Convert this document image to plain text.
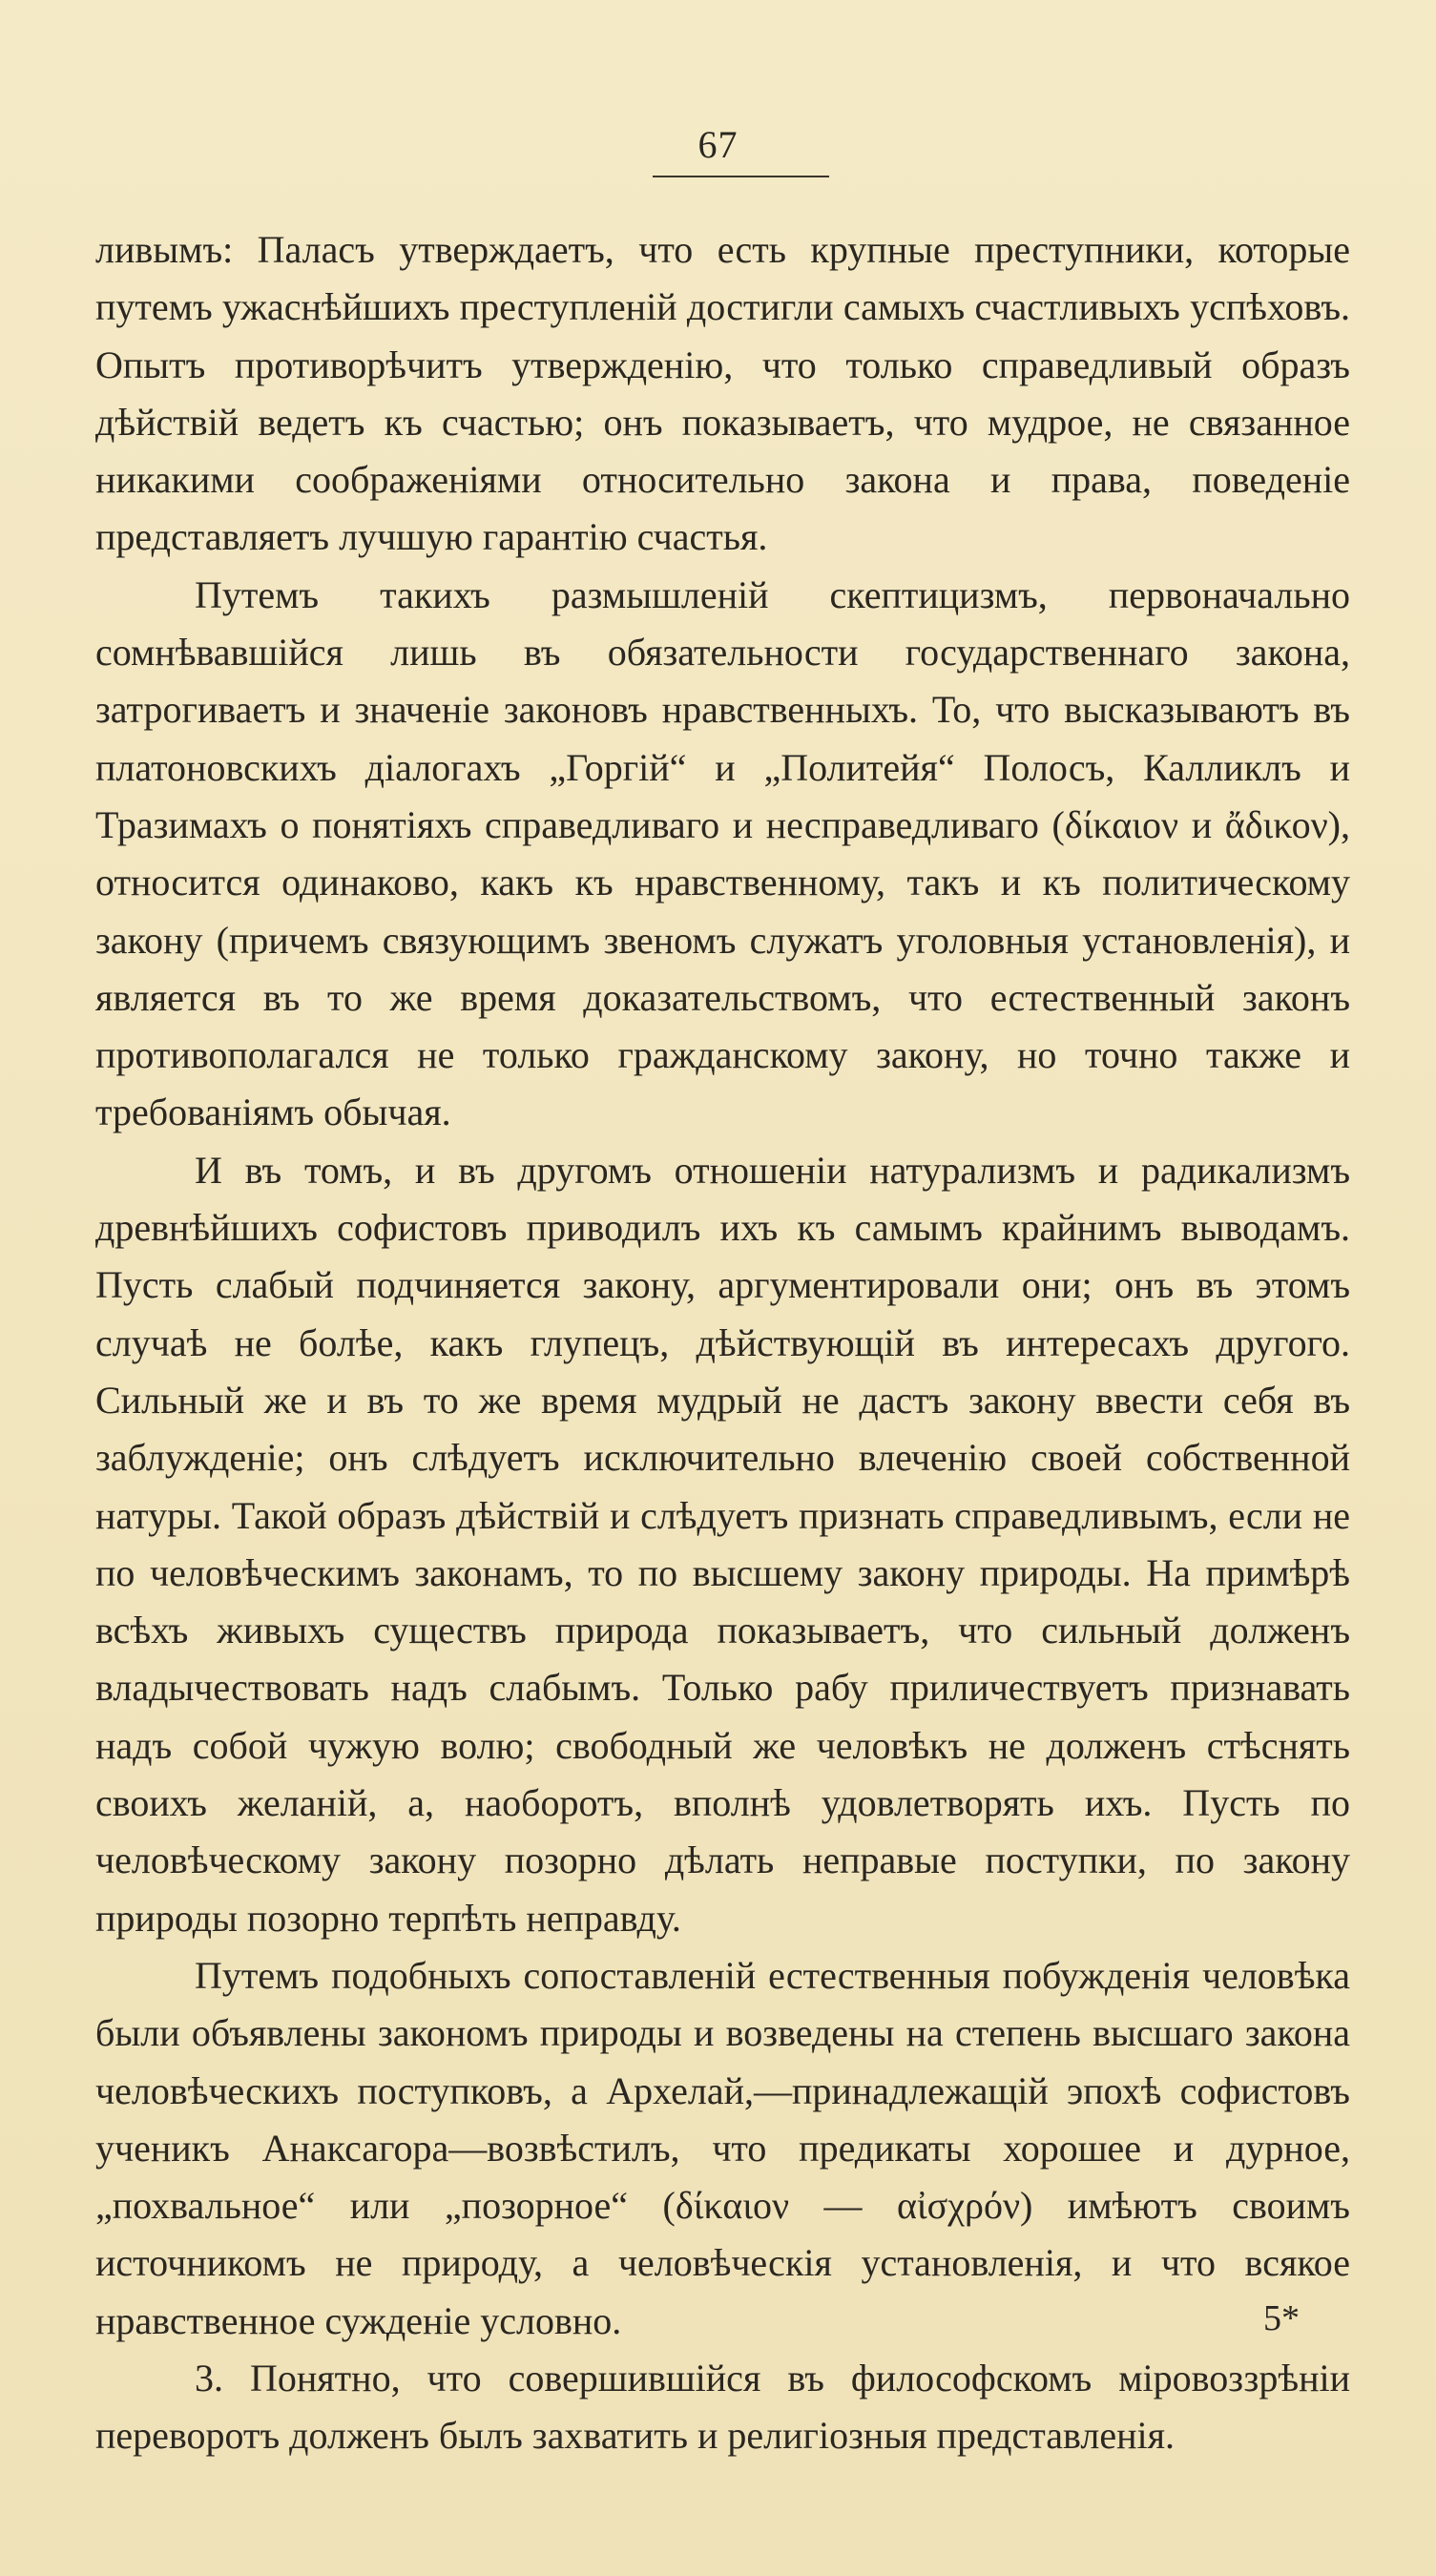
67

ливымъ: Паласъ утверждаетъ, что есть крупные преступники, которые путемъ ужаснѣйшихъ преступленій достигли самыхъ счастливыхъ успѣховъ. Опытъ противорѣчитъ утвержденію, что только справедливый образъ дѣйствій ведетъ къ счастью; онъ показываетъ, что мудрое, не связанное никакими соображеніями относительно закона и права, поведеніе представляетъ лучшую гарантію счастья.

Путемъ такихъ размышленій скептицизмъ, первоначально сомнѣвавшійся лишь въ обязательности государственнаго закона, затрогиваетъ и значеніе законовъ нравственныхъ. То, что высказываютъ въ платоновскихъ діалогахъ „Горгій“ и „Политейя“ Полосъ, Калликлъ и Тразимахъ о понятіяхъ справедливаго и несправедливаго (δίκαιον и ἄδικον), относится одинаково, какъ къ нравственному, такъ и къ политическому закону (причемъ связующимъ звеномъ служатъ уголовныя установленія), и является въ то же время доказательствомъ, что естественный законъ противополагался не только гражданскому закону, но точно также и требованіямъ обычая.

И въ томъ, и въ другомъ отношеніи натурализмъ и радикализмъ древнѣйшихъ софистовъ приводилъ ихъ къ самымъ крайнимъ выводамъ. Пусть слабый подчиняется закону, аргументировали они; онъ въ этомъ случаѣ не болѣе, какъ глупецъ, дѣйствующій въ интересахъ другого. Сильный же и въ то же время мудрый не дастъ закону ввести себя въ заблужденіе; онъ слѣдуетъ исключительно влеченію своей собственной натуры. Такой образъ дѣйствій и слѣдуетъ признать справедливымъ, если не по человѣческимъ законамъ, то по высшему закону природы. На примѣрѣ всѣхъ живыхъ существъ природа показываетъ, что сильный долженъ владычествовать надъ слабымъ. Только рабу приличествуетъ признавать надъ собой чужую волю; свободный же человѣкъ не долженъ стѣснять своихъ желаній, а, наоборотъ, вполнѣ удовлетворять ихъ. Пусть по человѣческому закону позорно дѣлать неправые поступки, по закону природы позорно терпѣть неправду.

Путемъ подобныхъ сопоставленій естественныя побужденія человѣка были объявлены закономъ природы и возведены на степень высшаго закона человѣческихъ поступковъ, а Архелай,—принадлежащій эпохѣ софистовъ ученикъ Анаксагора—возвѣстилъ, что предикаты хорошее и дурное, „похвальное“ или „позорное“ (δίκαιον — αἰσχρόν) имѣютъ своимъ источникомъ не природу, а человѣческія установленія, и что всякое нравственное сужденіе условно.

3. Понятно, что совершившійся въ философскомъ міровоззрѣніи переворотъ долженъ былъ захватить и религіозныя представленія.

5*
